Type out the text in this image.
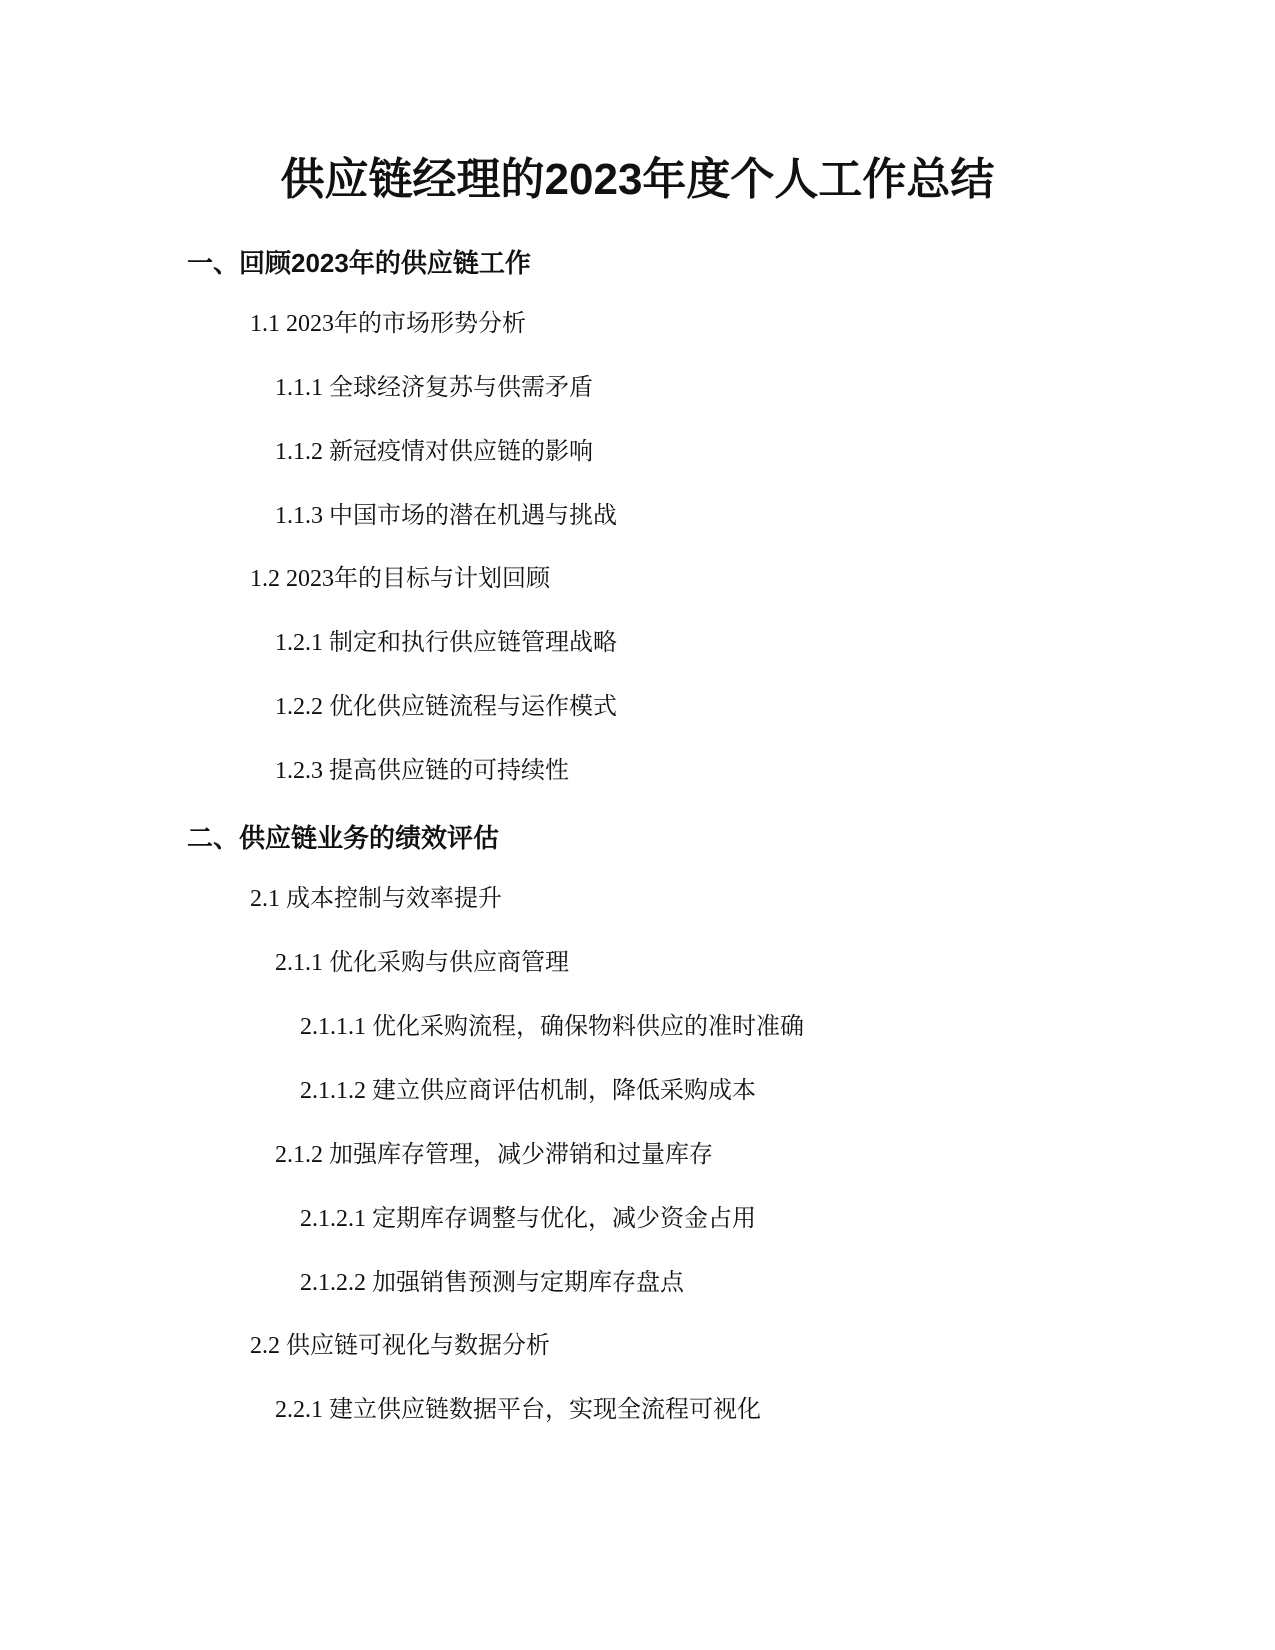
供应链经理的2023年度个人工作总结
一、回顾2023年的供应链工作
1.1 2023年的市场形势分析
1.1.1 全球经济复苏与供需矛盾
1.1.2 新冠疫情对供应链的影响
1.1.3 中国市场的潜在机遇与挑战
1.2 2023年的目标与计划回顾
1.2.1 制定和执行供应链管理战略
1.2.2 优化供应链流程与运作模式
1.2.3 提高供应链的可持续性
二、供应链业务的绩效评估
2.1 成本控制与效率提升
2.1.1 优化采购与供应商管理
2.1.1.1 优化采购流程，确保物料供应的准时准确
2.1.1.2 建立供应商评估机制，降低采购成本
2.1.2 加强库存管理，减少滞销和过量库存
2.1.2.1 定期库存调整与优化，减少资金占用
2.1.2.2 加强销售预测与定期库存盘点
2.2 供应链可视化与数据分析
2.2.1 建立供应链数据平台，实现全流程可视化
